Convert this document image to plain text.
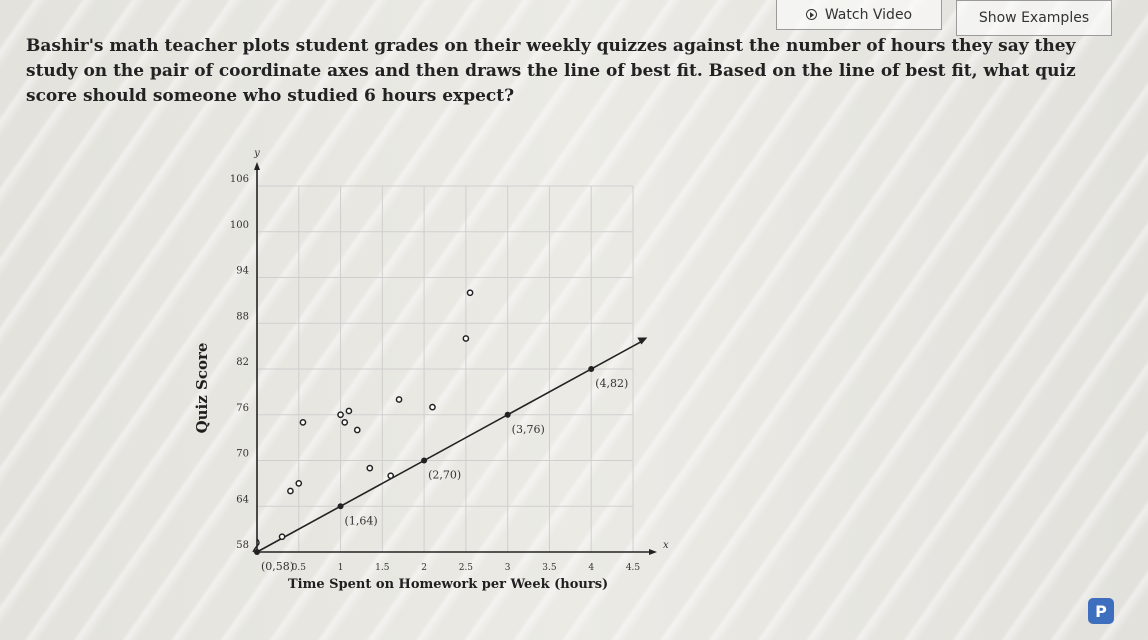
Watch Video	Show Examples

Bashir's math teacher plots student grades on their weekly quizzes against the number of hours they say they study on the pair of coordinate axes and then draws the line of best fit. Based on the line of best fit, what quiz score should someone who studied 6 hours expect?

y
x
0.5	1	1.5	2	2.5	3	3.5	4	4.5
58
64
70
76
82
88
94
100
106
(0,58)
(1,64)
(2,70)
(3,76)
(4,82)
Quiz Score
Time Spent on Homework per Week (hours)
P
